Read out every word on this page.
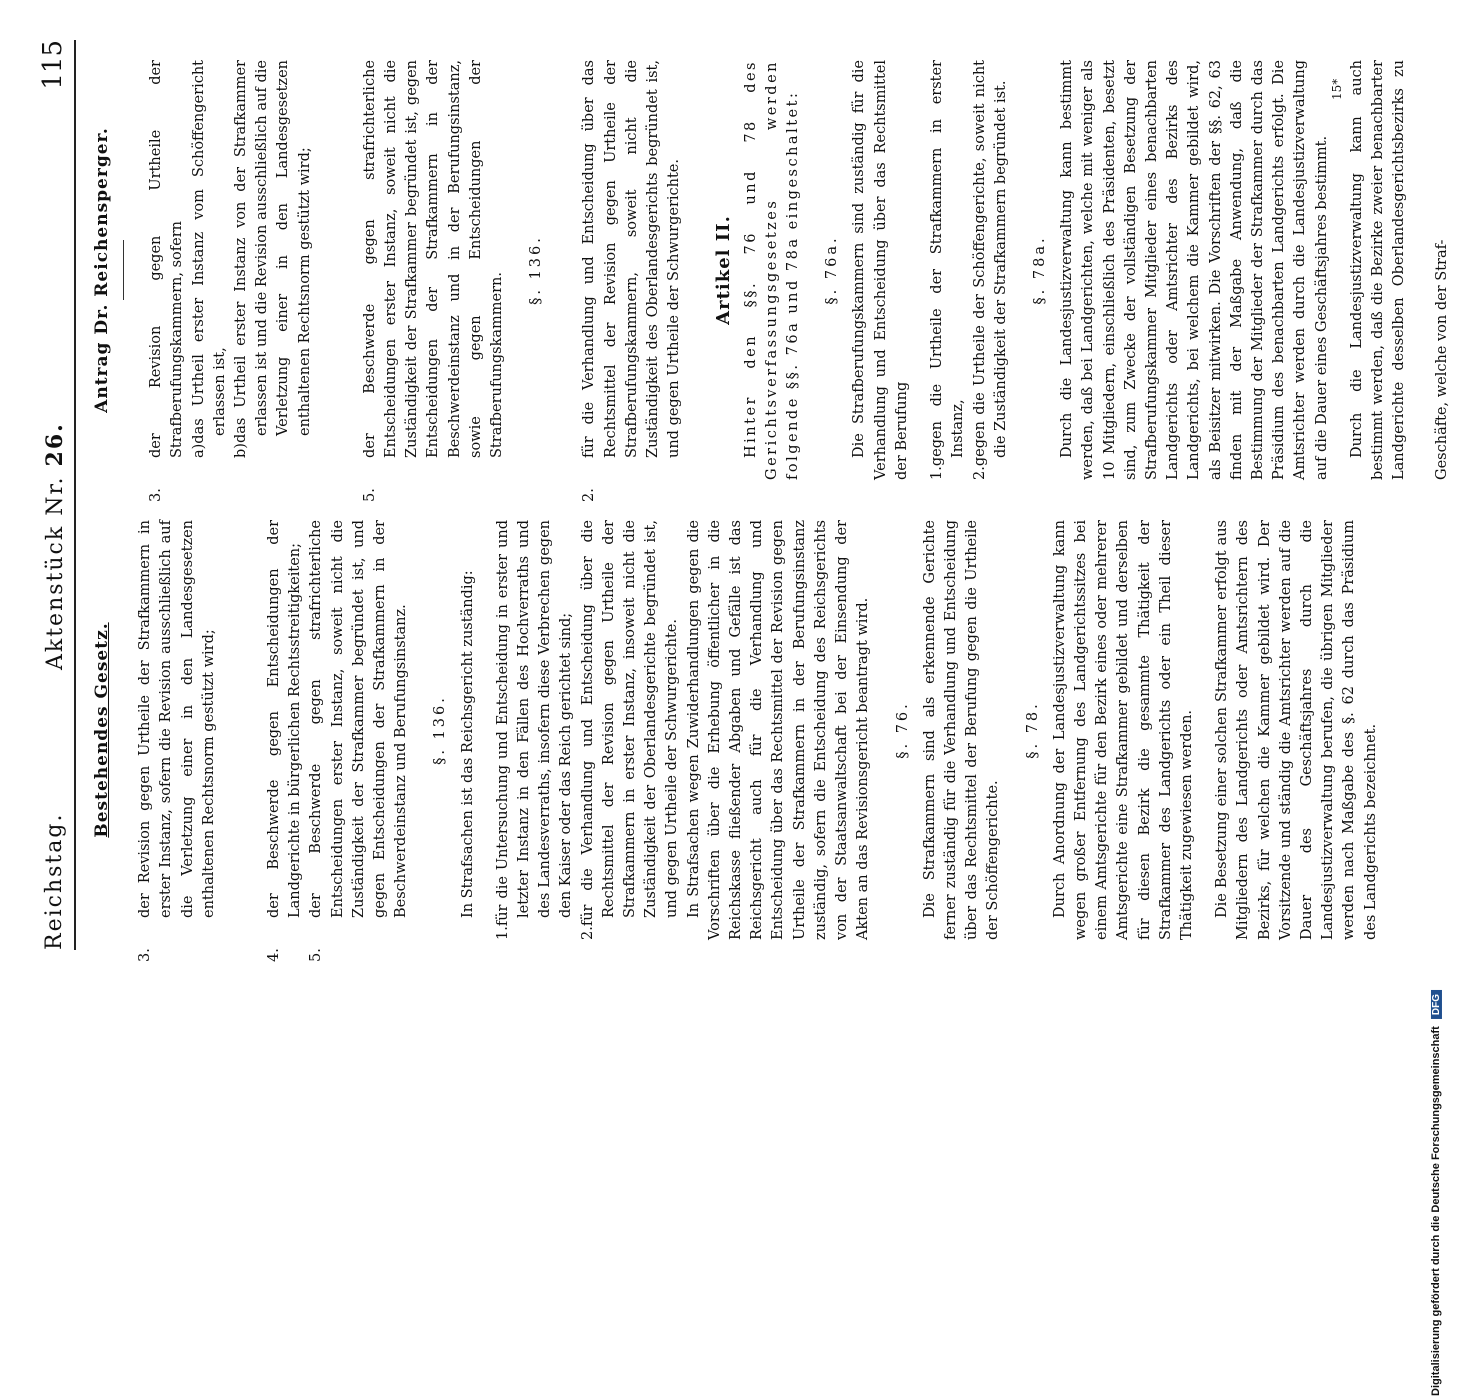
Reichstag.
Aktenstück Nr. 26.
115
Bestehendes Gesetz.
3.der Revision gegen Urtheile der Strafkammern in erster Instanz, sofern die Revision ausschließlich auf die Verletzung einer in den Landesgesetzen enthaltenen Rechtsnorm gestützt wird;
4.der Beschwerde gegen Entscheidungen der Landgerichte in bürgerlichen Rechtsstreitigkeiten;
5.der Beschwerde gegen strafrichterliche Entscheidungen erster Instanz, soweit nicht die Zuständigkeit der Strafkammer begründet ist, und gegen Entscheidungen der Strafkammern in der Beschwerdeinstanz und Berufungsinstanz. §. 136. In Strafsachen ist das Reichsgericht zuständig:
1.für die Untersuchung und Entscheidung in erster und letzter Instanz in den Fällen des Hochverraths und des Landesverraths, insofern diese Verbrechen gegen den Kaiser oder das Reich gerichtet sind;
2.für die Verhandlung und Entscheidung über die Rechtsmittel der Revision gegen Urtheile der Strafkammern in erster Instanz, insoweit nicht die Zuständigkeit der Oberlandesgerichte begründet ist, und gegen Urtheile der Schwurgerichte. In Strafsachen wegen Zuwiderhandlungen gegen die Vorschriften über die Erhebung öffentlicher in die Reichskasse fließender Abgaben und Gefälle ist das Reichsgericht auch für die Verhandlung und Entscheidung über das Rechtsmittel der Revision gegen Urtheile der Strafkammern in der Berufungsinstanz zuständig, sofern die Entscheidung des Reichsgerichts von der Staatsanwaltschaft bei der Einsendung der Akten an das Revisionsgericht beantragt wird. §. 76. Die Strafkammern sind als erkennende Gerichte ferner zuständig für die Verhandlung und Entscheidung über das Rechtsmittel der Berufung gegen die Urtheile der Schöffengerichte.
§. 78. Durch Anordnung der Landesjustizverwaltung kann wegen großer Entfernung des Landgerichtssitzes bei einem Amtsgerichte für den Bezirk eines oder mehrerer Amtsgerichte eine Strafkammer gebildet und derselben für diesen Bezirk die gesammte Thätigkeit der Strafkammer des Landgerichts oder ein Theil dieser Thätigkeit zugewiesen werden. Die Besetzung einer solchen Strafkammer erfolgt aus Mitgliedern des Landgerichts oder Amtsrichtern des Bezirks, für welchen die Kammer gebildet wird. Der Vorsitzende und ständig die Amtsrichter werden auf die Dauer des Geschäftsjahres durch die Landesjustizverwaltung berufen, die übrigen Mitglieder werden nach Maßgabe des §. 62 durch das Präsidium des Landgerichts bezeichnet.
Antrag Dr. Reichensperger.
3.der Revision gegen Urtheile der Strafberufungskammern, sofern a)das Urtheil erster Instanz vom Schöffengericht erlassen ist,
b)das Urtheil erster Instanz von der Strafkammer erlassen ist und die Revision ausschließlich auf die Verletzung einer in den Landesgesetzen enthaltenen Rechtsnorm gestützt wird;
5.der Beschwerde gegen strafrichterliche Entscheidungen erster Instanz, soweit nicht die Zuständigkeit der Strafkammer begründet ist, gegen Entscheidungen der Strafkammern in der Beschwerdeinstanz und in der Berufungsinstanz, sowie gegen Entscheidungen der Strafberufungskammern.
§. 136.
2.für die Verhandlung und Entscheidung über das Rechtsmittel der Revision gegen Urtheile der Strafberufungskammern, soweit nicht die Zuständigkeit des Oberlandesgerichts begründet ist, und gegen Urtheile der Schwurgerichte. Artikel II. Hinter den §§. 76 und 78 des Gerichtsverfassungsgesetzes werden folgende §§. 76a und 78a eingeschaltet: §. 76a. Die Strafberufungskammern sind zuständig für die Verhandlung und Entscheidung über das Rechtsmittel der Berufung 1.gegen die Urtheile der Strafkammern in erster Instanz,
2.gegen die Urtheile der Schöffengerichte, soweit nicht die Zuständigkeit der Strafkammern begründet ist. §. 78a. Durch die Landesjustizverwaltung kann bestimmt werden, daß bei Landgerichten, welche mit weniger als 10 Mitgliedern, einschließlich des Präsidenten, besetzt sind, zum Zwecke der vollständigen Besetzung der Strafberufungskammer Mitglieder eines benachbarten Landgerichts oder Amtsrichter des Bezirks des Landgerichts, bei welchem die Kammer gebildet wird, als Beisitzer mitwirken. Die Vorschriften der §§. 62, 63 finden mit der Maßgabe Anwendung, daß die Bestimmung der Mitglieder der Strafkammer durch das Präsidium des benachbarten Landgerichts erfolgt. Die Amtsrichter werden durch die Landesjustizverwaltung auf die Dauer eines Geschäftsjahres bestimmt. Durch die Landesjustizverwaltung kann auch bestimmt werden, daß die Bezirke zweier benachbarter Landgerichte desselben Oberlandesgerichtsbezirks zu Geschäfte, welche von der Straf-
15*
Digitalisierung gefördert durch die Deutsche Forschungsgemeinschaft DFG
